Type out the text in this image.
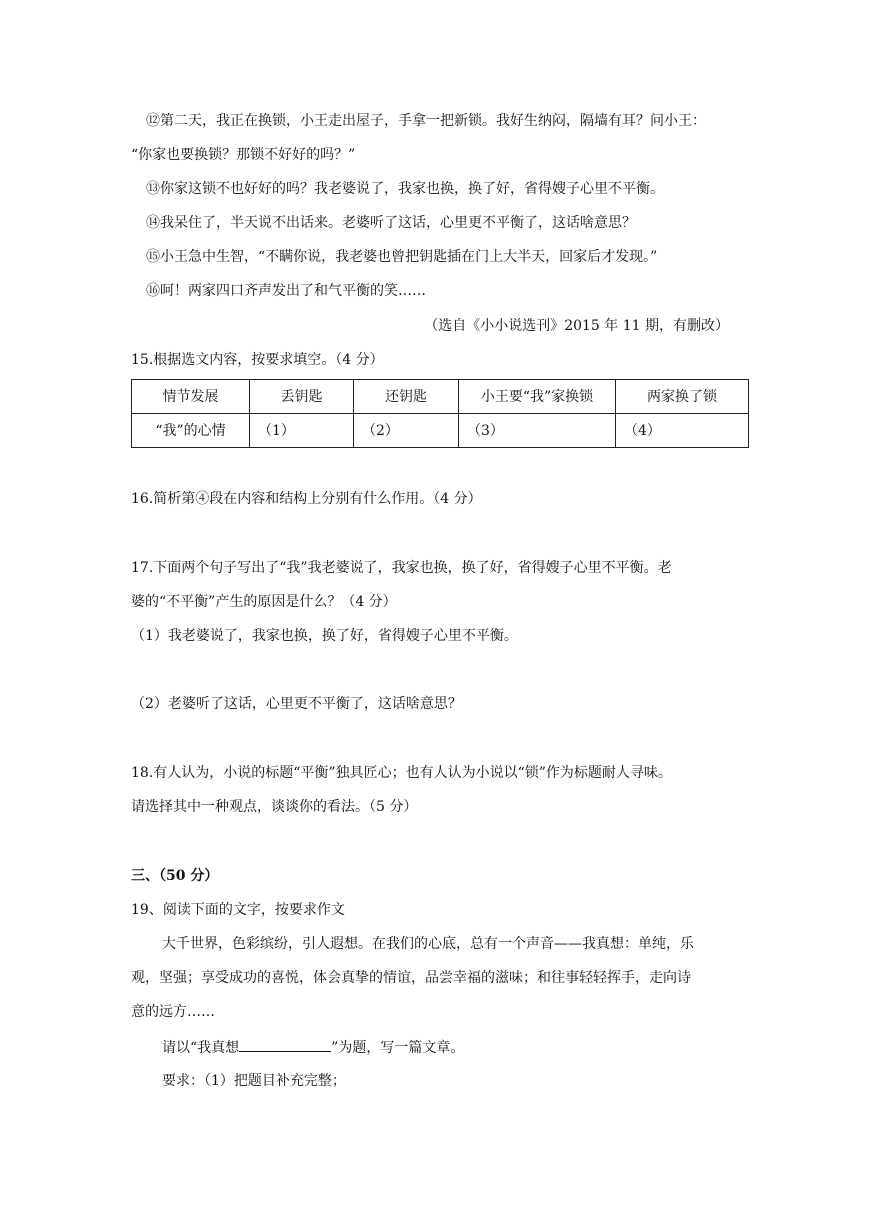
⑫第二天，我正在换锁，小王走出屋子，手拿一把新锁。我好生纳闷，隔墙有耳？问小王：
“你家也要换锁？那锁不好好的吗？”
⑬你家这锁不也好好的吗？我老婆说了，我家也换，换了好，省得嫂子心里不平衡。
⑭我呆住了，半天说不出话来。老婆听了这话，心里更不平衡了，这话啥意思？
⑮小王急中生智，“不瞒你说，我老婆也曾把钥匙插在门上大半天，回家后才发现。”
⑯呵！两家四口齐声发出了和气平衡的笑……
（选自《小小说选刊》2015 年 11 期，有删改）
15.根据选文内容，按要求填空。（4 分）
情节发展	丢钥匙	还钥匙	小王要“我”家换锁	两家换了锁
“我”的心情	（1）	（2）	（3）	（4）
16.简析第④段在内容和结构上分别有什么作用。（4 分）
17.下面两个句子写出了“我”我老婆说了，我家也换，换了好，省得嫂子心里不平衡。老
婆的“不平衡”产生的原因是什么？（4 分）
（1）我老婆说了，我家也换，换了好，省得嫂子心里不平衡。
（2）老婆听了这话，心里更不平衡了，这话啥意思？
18.有人认为，小说的标题“平衡”独具匠心；也有人认为小说以“锁”作为标题耐人寻味。
请选择其中一种观点，谈谈你的看法。（5 分）
三、（50 分）
19、阅读下面的文字，按要求作文
大千世界，色彩缤纷，引人遐想。在我们的心底，总有一个声音——我真想：单纯，乐
观，坚强；享受成功的喜悦，体会真挚的情谊，品尝幸福的滋味；和往事轻轻挥手，走向诗
意的远方……
请以“我真想	”为题，写一篇文章。
要求：（1）把题目补充完整；
